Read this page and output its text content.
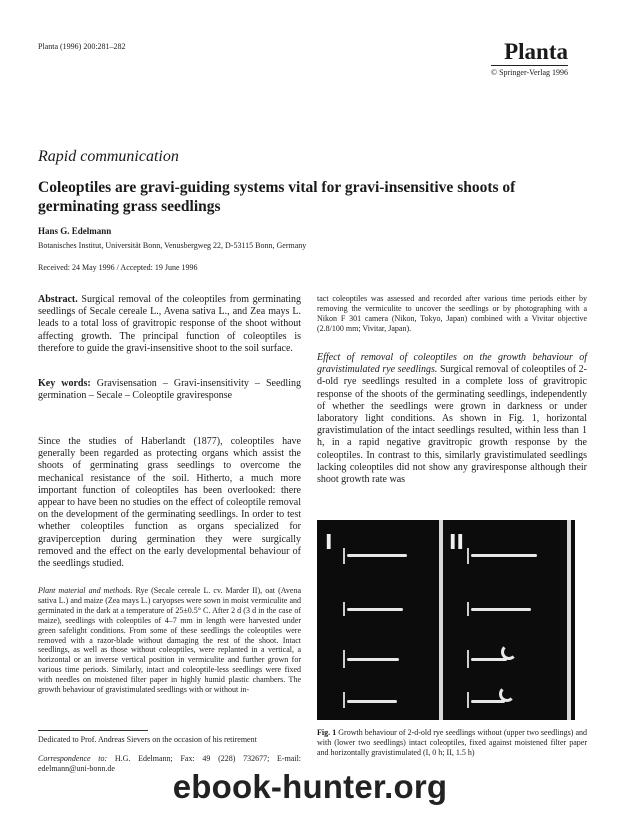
Planta (1996) 200:281–282	Planta
© Springer-Verlag 1996
Rapid communication
Coleoptiles are gravi-guiding systems vital for gravi-insensitive shoots of germinating grass seedlings
Hans G. Edelmann
Botanisches Institut, Universität Bonn, Venusbergweg 22, D-53115 Bonn, Germany
Received: 24 May 1996 / Accepted: 19 June 1996
Abstract. Surgical removal of the coleoptiles from germinating seedlings of Secale cereale L., Avena sativa L., and Zea mays L. leads to a total loss of gravitropic response of the shoot without affecting growth. The principal function of coleoptiles is therefore to guide the gravi-insensitive shoot to the soil surface.
Key words: Gravisensation – Gravi-insensitivity – Seedling germination – Secale – Coleoptile graviresponse
Since the studies of Haberlandt (1877), coleoptiles have generally been regarded as protecting organs which assist the shoots of germinating grass seedlings to overcome the mechanical resistance of the soil. Hitherto, a much more important function of coleoptiles has been overlooked: there appear to have been no studies on the effect of coleoptile removal on the development of the germinating seedlings. In order to test whether coleoptiles function as organs specialized for graviperception during germination they were surgically removed and the effect on the early developmental behaviour of the seedlings studied.
Plant material and methods. Rye (Secale cereale L. cv. Marder II), oat (Avena sativa L.) and maize (Zea mays L.) caryopses were sown in moist vermiculite and germinated in the dark at a temperature of 25±0.5° C. After 2 d (3 d in the case of maize), seedlings with coleoptiles of 4–7 mm in length were harvested under green safelight conditions. From some of these seedlings the coleoptiles were removed with a razor-blade without damaging the rest of the shoot. Intact seedlings, as well as those without coleoptiles, were replanted in a vertical, a horizontal or an inverse vertical position in vermiculite and further grown for various time periods. Similarly, intact and coleoptile-less seedlings were fixed with needles on moistened filter paper in highly humid plastic chambers. The growth behaviour of gravistimulated seedlings with or without in-
Dedicated to Prof. Andreas Sievers on the occasion of his retirement
Correspondence to: H.G. Edelmann; Fax: 49 (228) 732677; E-mail: edelmann@uni-bonn.de
tact coleoptiles was assessed and recorded after various time periods either by removing the vermiculite to uncover the seedlings or by photographing with a Nikon F 301 camera (Nikon, Tokyo, Japan) combined with a Vivitar objective (2.8/100 mm; Vivitar, Japan).
Effect of removal of coleoptiles on the growth behaviour of gravistimulated rye seedlings. Surgical removal of coleoptiles of 2-d-old rye seedlings resulted in a complete loss of gravitropic response of the shoots of the germinating seedlings, independently of whether the seedlings were grown in darkness or under laboratory light conditions. As shown in Fig. 1, horizontal gravistimulation of the intact seedlings resulted, within less than 1 h, in a rapid negative gravitropic growth response by the coleoptiles. In contrast to this, similarly gravistimulated seedlings lacking coleoptiles did not show any graviresponse although their shoot growth rate was
I	II
Fig. 1 Growth behaviour of 2-d-old rye seedlings without (upper two seedlings) and with (lower two seedlings) intact coleoptiles, fixed against moistened filter paper and horizontally gravistimulated (I, 0 h; II, 1.5 h)
ebook-hunter.org
